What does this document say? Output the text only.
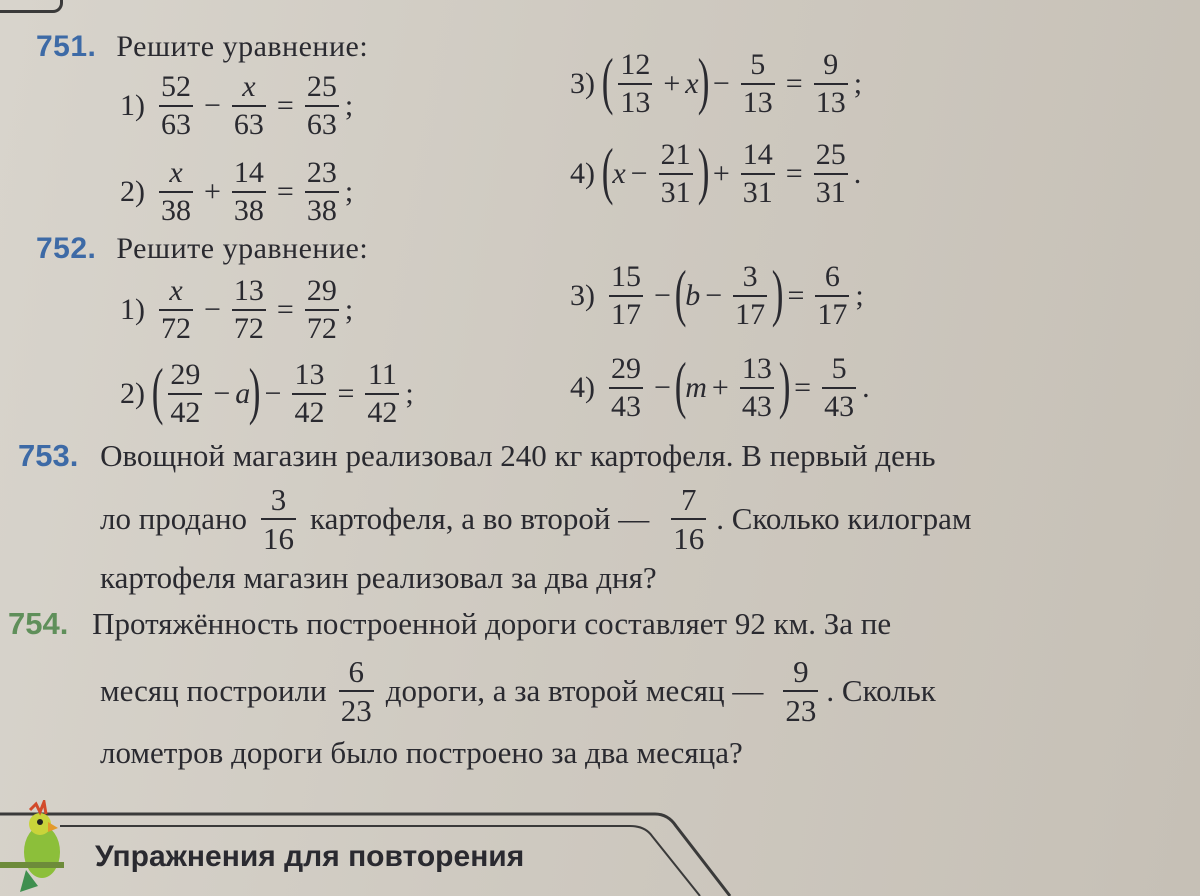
751. Решите уравнение:
$1) \frac{52}{63} - \frac{x}{63} = \frac{25}{63}$ ;
$2) \frac{x}{38} + \frac{14}{38} = \frac{23}{38}$ ;
3) ( $\frac{12}{13} + x$
) − $\frac{5}{13} = \frac{9}{13}$ ;
4) (
$x - \frac{21}{31}$ ) + $\frac{14}{31} = \frac{25}{31}$ .
752. Решите уравнение:
$1) \frac{x}{72} - \frac{13}{72} = \frac{29}{72}$ ;
2) ( $\frac{29}{42} - a$
) − $\frac{13}{42} = \frac{11}{42}$ ;
$3) \frac{15}{17}$ − (
$b - \frac{3}{17}$ ) = $\frac{6}{17}$ ;
$4) \frac{29}{43}$ − (
$m + \frac{13}{43}$ ) = $\frac{5}{43}$ .
753. Овощной магазин реализовал 240 кг картофеля. В первый день
ло продано $\frac{3}{16}$ картофеля, а во второй — $\frac{7}{16}$ . Сколько килограм
картофеля магазин реализовал за два дня?
754. Протяжённость построенной дороги составляет 92 км. За пе
месяц построили $\frac{6}{23}$ дороги, а за второй месяц — $\frac{9}{23}$ . Скольк
лометров дороги было построено за два месяца?
Упражнения для повторения
